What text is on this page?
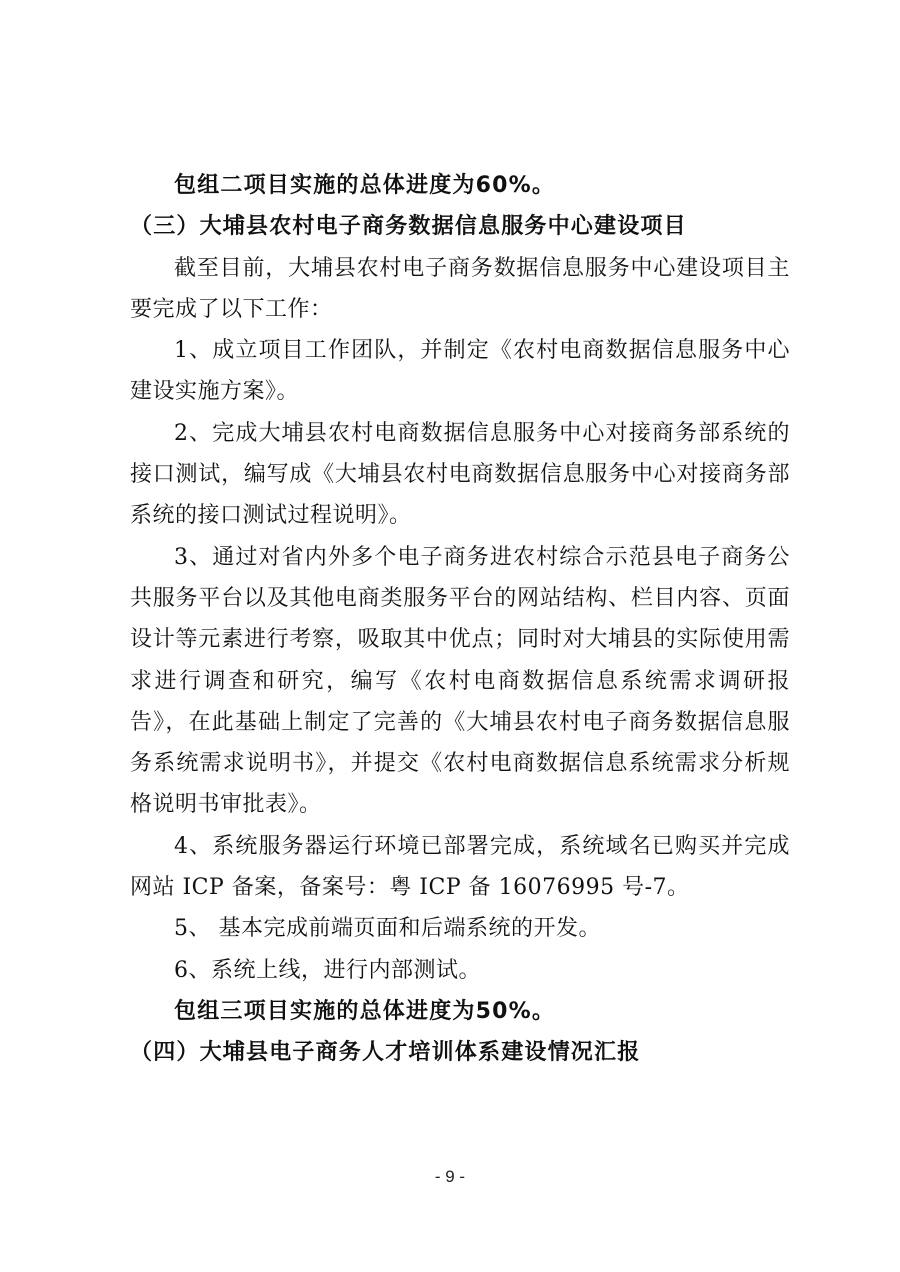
包组二项目实施的总体进度为60%。

（三）大埔县农村电子商务数据信息服务中心建设项目

截至目前，大埔县农村电子商务数据信息服务中心建设项目主要完成了以下工作：

1、成立项目工作团队，并制定《农村电商数据信息服务中心建设实施方案》。

2、完成大埔县农村电商数据信息服务中心对接商务部系统的接口测试，编写成《大埔县农村电商数据信息服务中心对接商务部系统的接口测试过程说明》。

3、通过对省内外多个电子商务进农村综合示范县电子商务公共服务平台以及其他电商类服务平台的网站结构、栏目内容、页面设计等元素进行考察，吸取其中优点；同时对大埔县的实际使用需求进行调查和研究，编写《农村电商数据信息系统需求调研报告》，在此基础上制定了完善的《大埔县农村电子商务数据信息服务系统需求说明书》，并提交《农村电商数据信息系统需求分析规格说明书审批表》。

4、系统服务器运行环境已部署完成，系统域名已购买并完成网站 ICP 备案，备案号：粤 ICP 备 16076995 号-7。

5、 基本完成前端页面和后端系统的开发。

6、系统上线，进行内部测试。

包组三项目实施的总体进度为50%。

（四）大埔县电子商务人才培训体系建设情况汇报

- 9 -
